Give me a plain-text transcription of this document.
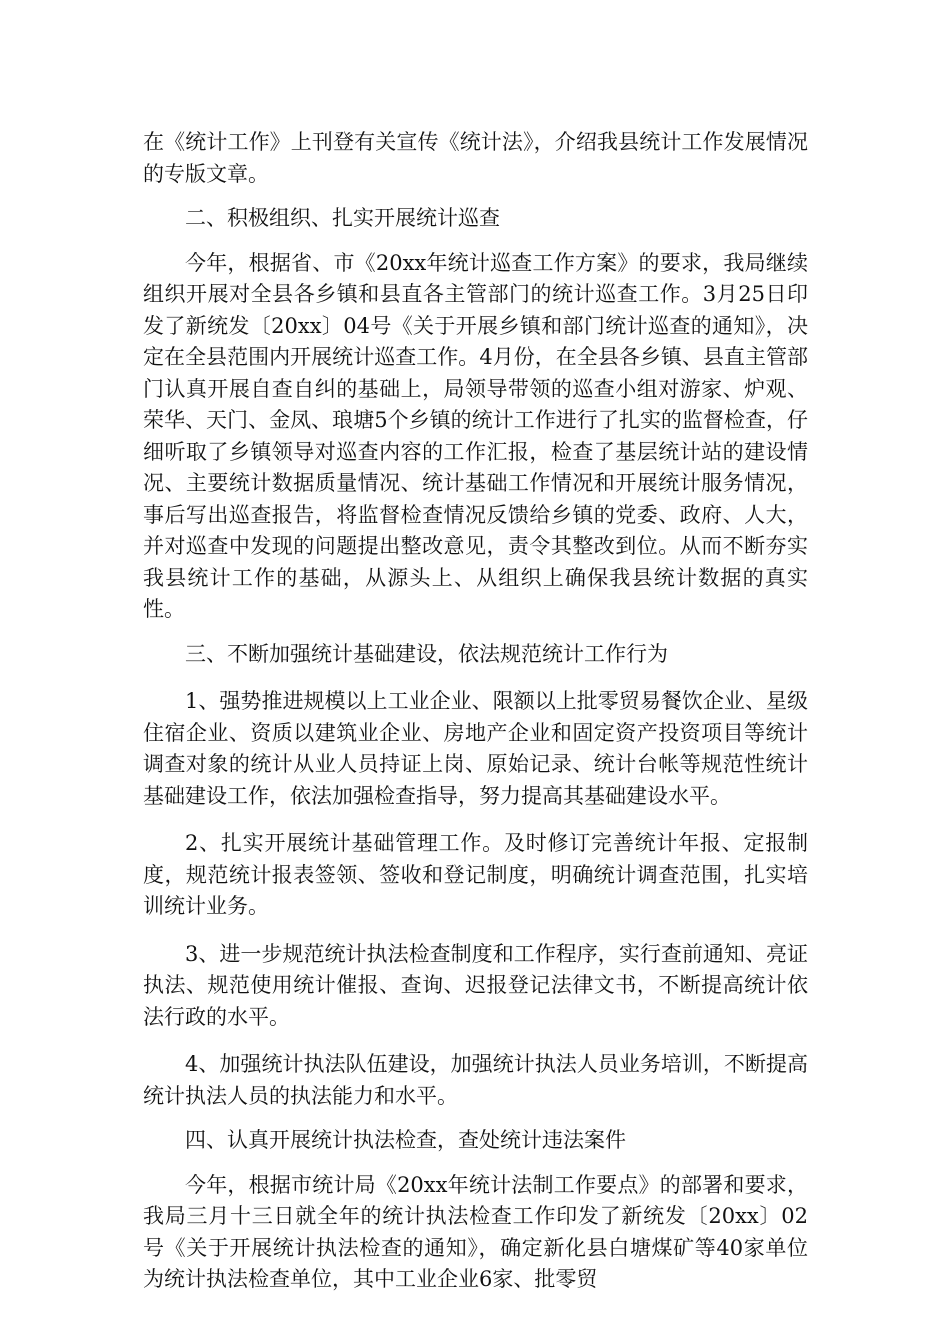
在《统计工作》上刊登有关宣传《统计法》，介绍我县统计工作发展情况的专版文章。

二、积极组织、扎实开展统计巡查

今年，根据省、市《20xx年统计巡查工作方案》的要求，我局继续组织开展对全县各乡镇和县直各主管部门的统计巡查工作。3月25日印发了新统发〔20xx〕04号《关于开展乡镇和部门统计巡查的通知》，决定在全县范围内开展统计巡查工作。4月份，在全县各乡镇、县直主管部门认真开展自查自纠的基础上，局领导带领的巡查小组对游家、炉观、荣华、天门、金凤、琅塘5个乡镇的统计工作进行了扎实的监督检查，仔细听取了乡镇领导对巡查内容的工作汇报，检查了基层统计站的建设情况、主要统计数据质量情况、统计基础工作情况和开展统计服务情况，事后写出巡查报告，将监督检查情况反馈给乡镇的党委、政府、人大，并对巡查中发现的问题提出整改意见，责令其整改到位。从而不断夯实我县统计工作的基础，从源头上、从组织上确保我县统计数据的真实性。

三、不断加强统计基础建设，依法规范统计工作行为

1、强势推进规模以上工业企业、限额以上批零贸易餐饮企业、星级住宿企业、资质以建筑业企业、房地产企业和固定资产投资项目等统计调查对象的统计从业人员持证上岗、原始记录、统计台帐等规范性统计基础建设工作，依法加强检查指导，努力提高其基础建设水平。

2、扎实开展统计基础管理工作。及时修订完善统计年报、定报制度，规范统计报表签领、签收和登记制度，明确统计调查范围，扎实培训统计业务。

3、进一步规范统计执法检查制度和工作程序，实行查前通知、亮证执法、规范使用统计催报、查询、迟报登记法律文书，不断提高统计依法行政的水平。

4、加强统计执法队伍建设，加强统计执法人员业务培训，不断提高统计执法人员的执法能力和水平。

四、认真开展统计执法检查，查处统计违法案件

今年，根据市统计局《20xx年统计法制工作要点》的部署和要求，我局三月十三日就全年的统计执法检查工作印发了新统发〔20xx〕02号《关于开展统计执法检查的通知》，确定新化县白塘煤矿等40家单位为统计执法检查单位，其中工业企业6家、批零贸
